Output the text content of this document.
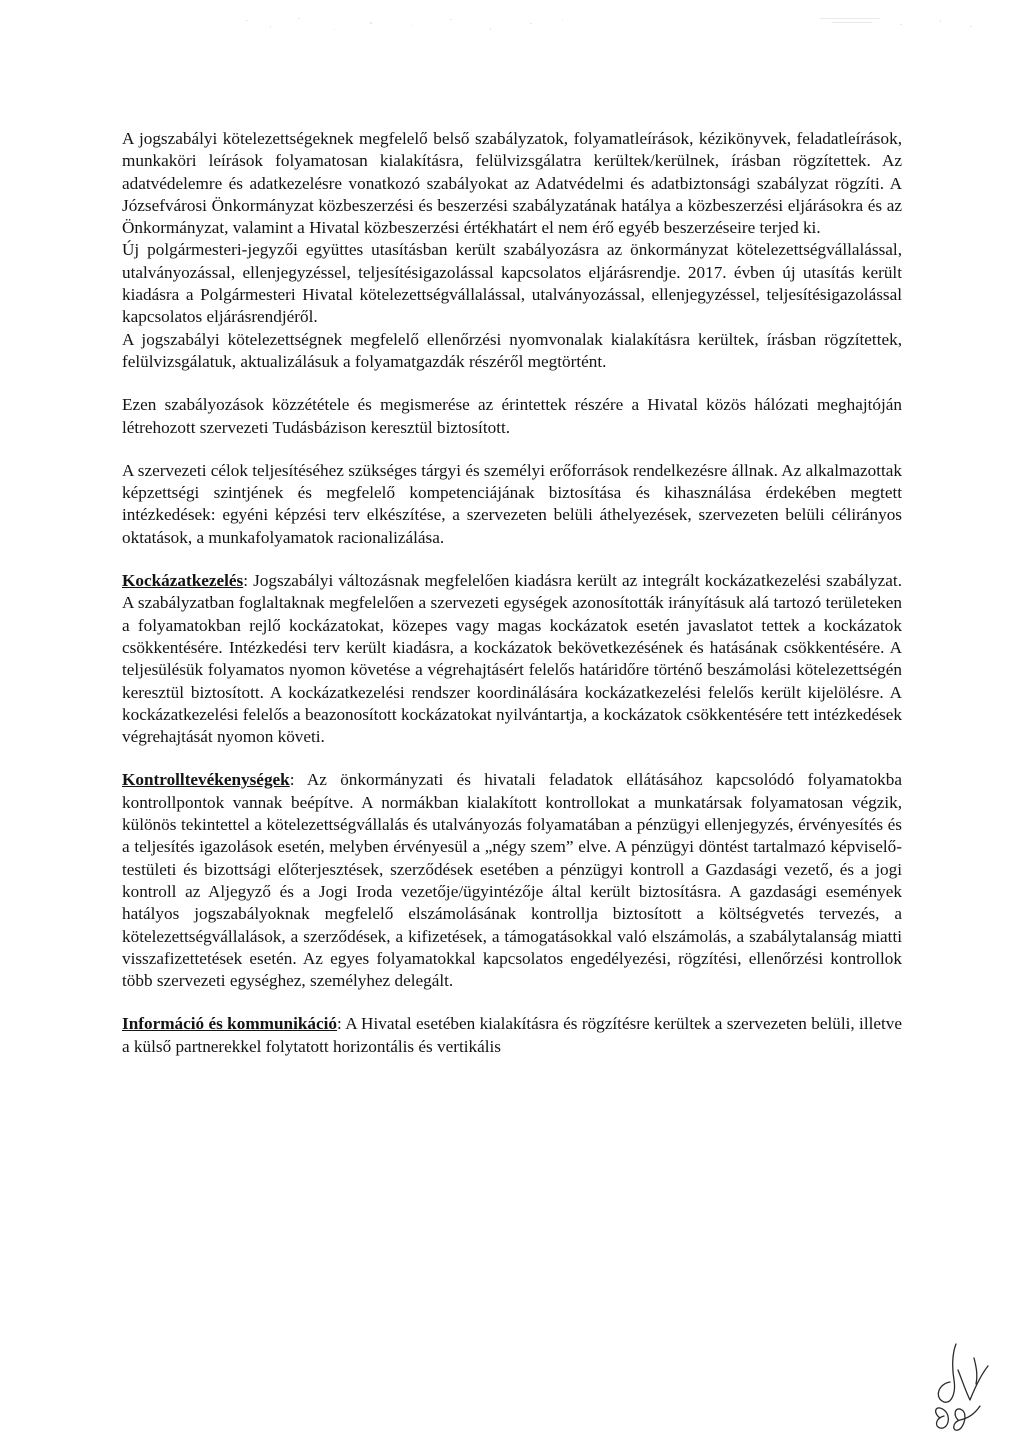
A jogszabályi kötelezettségeknek megfelelő belső szabályzatok, folyamatleírások, kézikönyvek, feladatleírások, munkaköri leírások folyamatosan kialakításra, felülvizsgálatra kerültek/kerülnek, írásban rögzítettek. Az adatvédelemre és adatkezelésre vonatkozó szabályokat az Adatvédelmi és adatbiztonsági szabályzat rögzíti. A Józsefvárosi Önkormányzat közbeszerzési és beszerzési szabályzatának hatálya a közbeszerzési eljárásokra és az Önkormányzat, valamint a Hivatal közbeszerzési értékhatárt el nem érő egyéb beszerzéseire terjed ki.

Új polgármesteri-jegyzői együttes utasításban került szabályozásra az önkormányzat kötelezettségvállalással, utalványozással, ellenjegyzéssel, teljesítésigazolással kapcsolatos eljárásrendje. 2017. évben új utasítás került kiadásra a Polgármesteri Hivatal kötelezettségvállalással, utalványozással, ellenjegyzéssel, teljesítésigazolással kapcsolatos eljárásrendjéről.

A jogszabályi kötelezettségnek megfelelő ellenőrzési nyomvonalak kialakításra kerültek, írásban rögzítettek, felülvizsgálatuk, aktualizálásuk a folyamatgazdák részéről megtörtént.

Ezen szabályozások közzététele és megismerése az érintettek részére a Hivatal közös hálózati meghajtóján létrehozott szervezeti Tudásbázison keresztül biztosított.

A szervezeti célok teljesítéséhez szükséges tárgyi és személyi erőforrások rendelkezésre állnak. Az alkalmazottak képzettségi szintjének és megfelelő kompetenciájának biztosítása és kihasználása érdekében megtett intézkedések: egyéni képzési terv elkészítése, a szervezeten belüli áthelyezések, szervezeten belüli célirányos oktatások, a munkafolyamatok racionalizálása.

Kockázatkezelés: Jogszabályi változásnak megfelelően kiadásra került az integrált kockázatkezelési szabályzat. A szabályzatban foglaltaknak megfelelően a szervezeti egységek azonosították irányításuk alá tartozó területeken a folyamatokban rejlő kockázatokat, közepes vagy magas kockázatok esetén javaslatot tettek a kockázatok csökkentésére. Intézkedési terv került kiadásra, a kockázatok bekövetkezésének és hatásának csökkentésére. A teljesülésük folyamatos nyomon követése a végrehajtásért felelős határidőre történő beszámolási kötelezettségén keresztül biztosított. A kockázatkezelési rendszer koordinálására kockázatkezelési felelős került kijelölésre. A kockázatkezelési felelős a beazonosított kockázatokat nyilvántartja, a kockázatok csökkentésére tett intézkedések végrehajtását nyomon követi.

Kontrolltevékenységek: Az önkormányzati és hivatali feladatok ellátásához kapcsolódó folyamatokba kontrollpontok vannak beépítve. A normákban kialakított kontrollokat a munkatársak folyamatosan végzik, különös tekintettel a kötelezettségvállalás és utalványozás folyamatában a pénzügyi ellenjegyzés, érvényesítés és a teljesítés igazolások esetén, melyben érvényesül a „négy szem” elve. A pénzügyi döntést tartalmazó képviselő-testületi és bizottsági előterjesztések, szerződések esetében a pénzügyi kontroll a Gazdasági vezető, és a jogi kontroll az Aljegyző és a Jogi Iroda vezetője/ügyintézője által került biztosításra. A gazdasági események hatályos jogszabályoknak megfelelő elszámolásának kontrollja biztosított a költségvetés tervezés, a kötelezettségvállalások, a szerződések, a kifizetések, a támogatásokkal való elszámolás, a szabálytalanság miatti visszafizettetések esetén. Az egyes folyamatokkal kapcsolatos engedélyezési, rögzítési, ellenőrzési kontrollok több szervezeti egységhez, személyhez delegált.

Információ és kommunikáció: A Hivatal esetében kialakításra és rögzítésre kerültek a szervezeten belüli, illetve a külső partnerekkel folytatott horizontális és vertikális
